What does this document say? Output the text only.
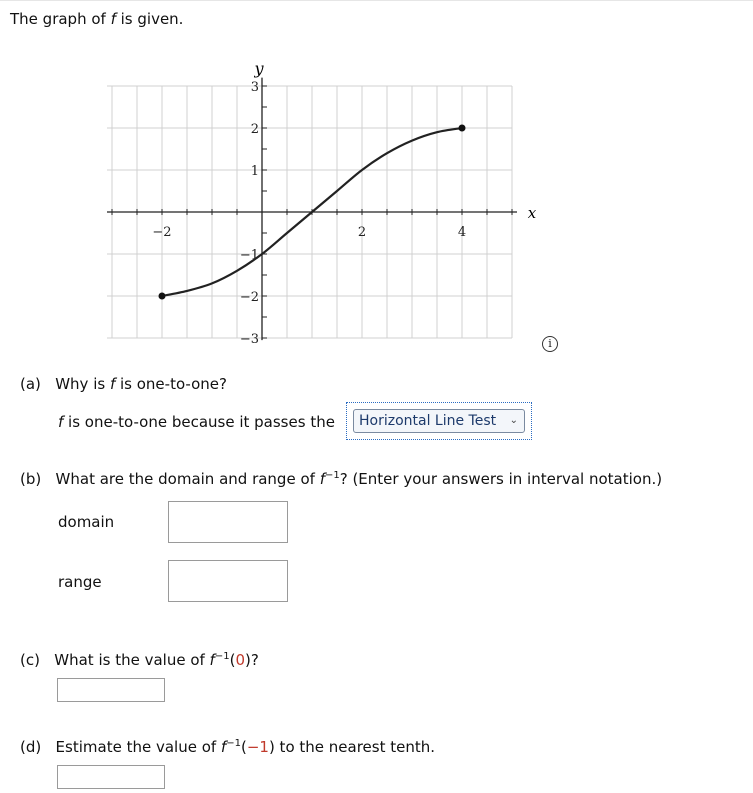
The graph of f is given.
−2	2	4
3
2
1
−1
−2
−3
x
y
i
(a) Why is f is one-to-one?
f is one-to-one because it passes the	Horizontal Line Test ⌄
(b) What are the domain and range of $f^{-1}$? (Enter your answers in interval notation.)
domain
range
(c) What is the value of $f^{-1}(0)$?
(d) Estimate the value of $f^{-1}(-1)$ to the nearest tenth.
